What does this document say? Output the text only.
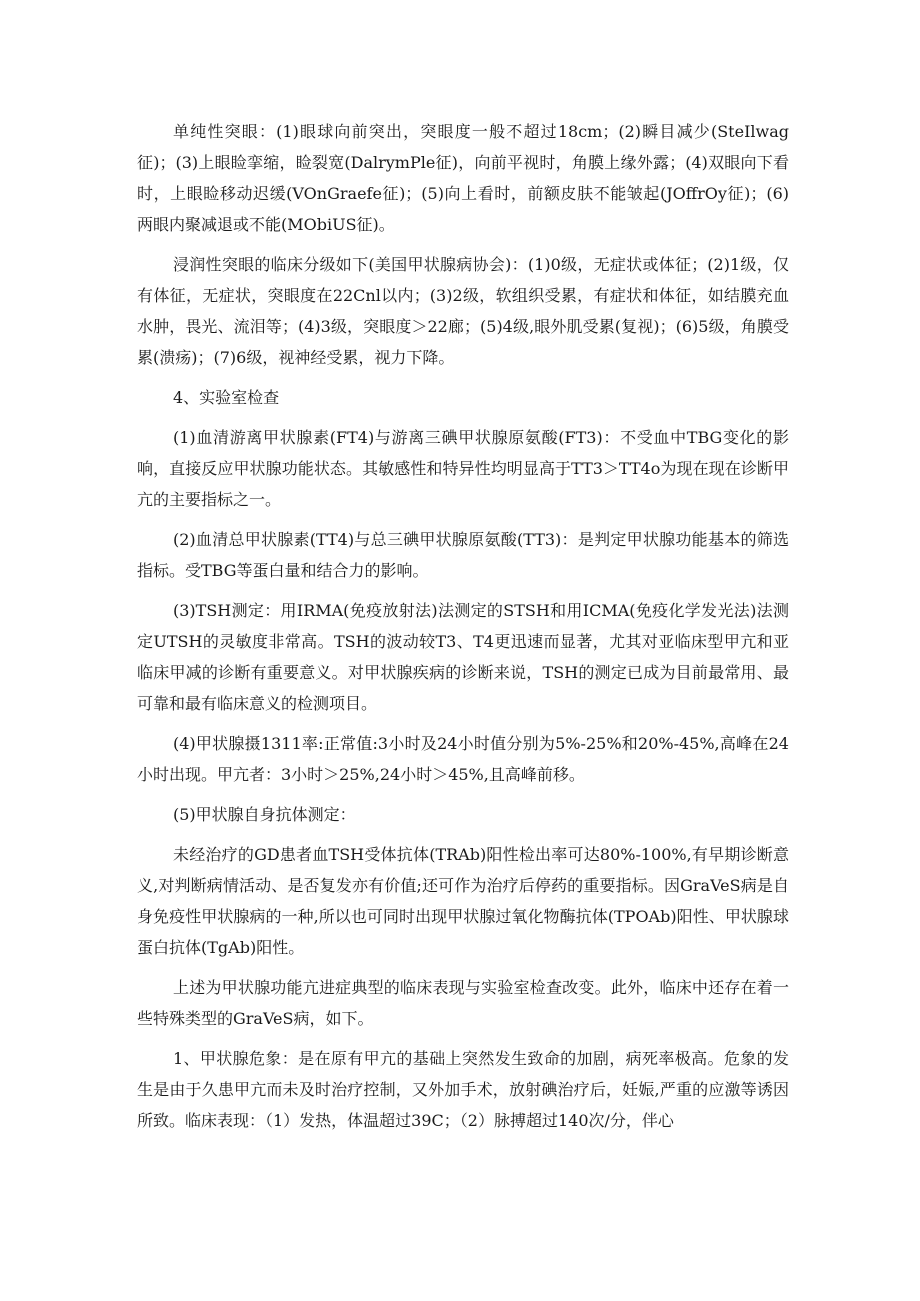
单纯性突眼：(1)眼球向前突出，突眼度一般不超过18cm；(2)瞬目减少(SteIlwag征)；(3)上眼睑挛缩，睑裂宽(DalrymPle征)，向前平视时，角膜上缘外露；(4)双眼向下看时，上眼睑移动迟缓(VOnGraefe征)；(5)向上看时，前额皮肤不能皱起(JOffrOy征)；(6)两眼内聚减退或不能(MObiUS征)。

浸润性突眼的临床分级如下(美国甲状腺病协会)：(1)0级，无症状或体征；(2)1级，仅有体征，无症状，突眼度在22Cnl以内；(3)2级，软组织受累，有症状和体征，如结膜充血水肿，畏光、流泪等；(4)3级，突眼度＞22廊；(5)4级,眼外肌受累(复视)；(6)5级，角膜受累(溃疡)；(7)6级，视神经受累，视力下降。

4、实验室检查

(1)血清游离甲状腺素(FT4)与游离三碘甲状腺原氨酸(FT3)：不受血中TBG变化的影响，直接反应甲状腺功能状态。其敏感性和特异性均明显高于TT3＞TT4o为现在现在诊断甲亢的主要指标之一。

(2)血清总甲状腺素(TT4)与总三碘甲状腺原氨酸(TT3)：是判定甲状腺功能基本的筛选指标。受TBG等蛋白量和结合力的影响。

(3)TSH测定：用IRMA(免疫放射法)法测定的STSH和用ICMA(免疫化学发光法)法测定UTSH的灵敏度非常高。TSH的波动较T3、T4更迅速而显著，尤其对亚临床型甲亢和亚临床甲减的诊断有重要意义。对甲状腺疾病的诊断来说，TSH的测定已成为目前最常用、最可靠和最有临床意义的检测项目。

(4)甲状腺摄1311率:正常值:3小时及24小时值分别为5%-25%和20%-45%,高峰在24小时出现。甲亢者：3小时＞25%,24小时＞45%,且高峰前移。

(5)甲状腺自身抗体测定：

未经治疗的GD患者血TSH受体抗体(TRAb)阳性检出率可达80%-100%,有早期诊断意义,对判断病情活动、是否复发亦有价值;还可作为治疗后停药的重要指标。因GraVeS病是自身免疫性甲状腺病的一种,所以也可同时出现甲状腺过氧化物酶抗体(TPOAb)阳性、甲状腺球蛋白抗体(TgAb)阳性。

上述为甲状腺功能亢进症典型的临床表现与实验室检查改变。此外，临床中还存在着一些特殊类型的GraVeS病，如下。

1、甲状腺危象：是在原有甲亢的基础上突然发生致命的加剧，病死率极高。危象的发生是由于久患甲亢而未及时治疗控制，又外加手术，放射碘治疗后，妊娠,严重的应激等诱因所致。临床表现：（1）发热，体温超过39C；（2）脉搏超过140次/分，伴心
